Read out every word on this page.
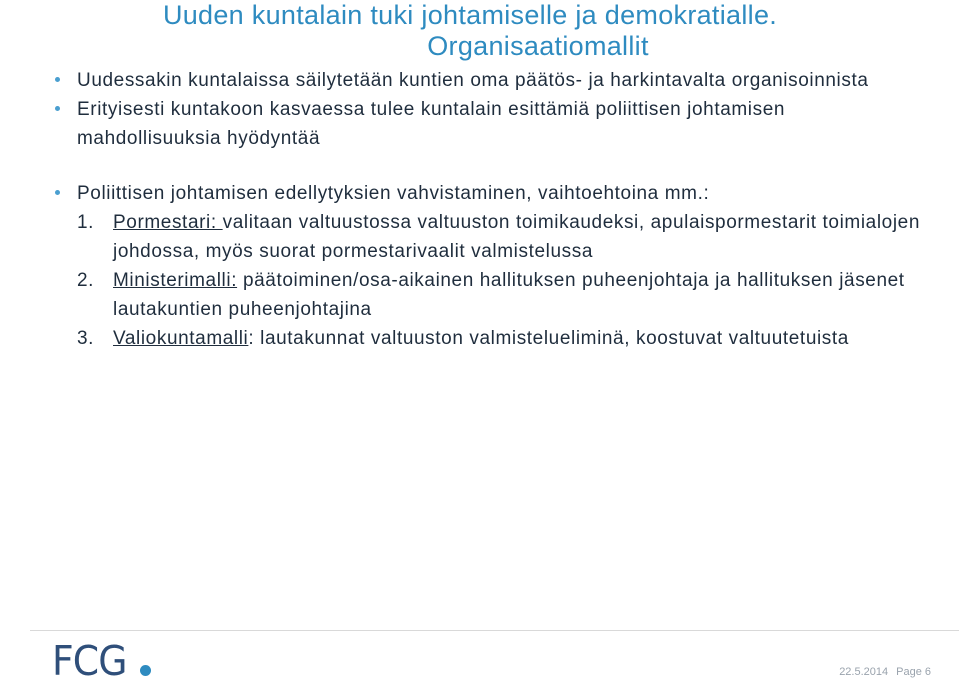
Uuden kuntalain tuki johtamiselle ja demokratialle.
Organisaatiomallit
Uudessakin kuntalaissa säilytetään kuntien oma päätös- ja harkintavalta organisoinnista
Erityisesti kuntakoon kasvaessa tulee kuntalain esittämiä poliittisen johtamisen mahdollisuuksia hyödyntää
Poliittisen johtamisen edellytyksien vahvistaminen, vaihtoehtoina mm.:
1. Pormestari: valitaan valtuustossa valtuuston toimikaudeksi, apulaispormestarit toimialojen johdossa, myös suorat pormestarivaalit valmistelussa
2. Ministerimalli: päätoiminen/osa-aikainen hallituksen puheenjohtaja ja hallituksen jäsenet lautakuntien puheenjohtajina
3. Valiokuntamalli: lautakunnat valtuuston valmistelueliminä, koostuvat valtuutetuista
FCG	22.5.2014 Page 6
